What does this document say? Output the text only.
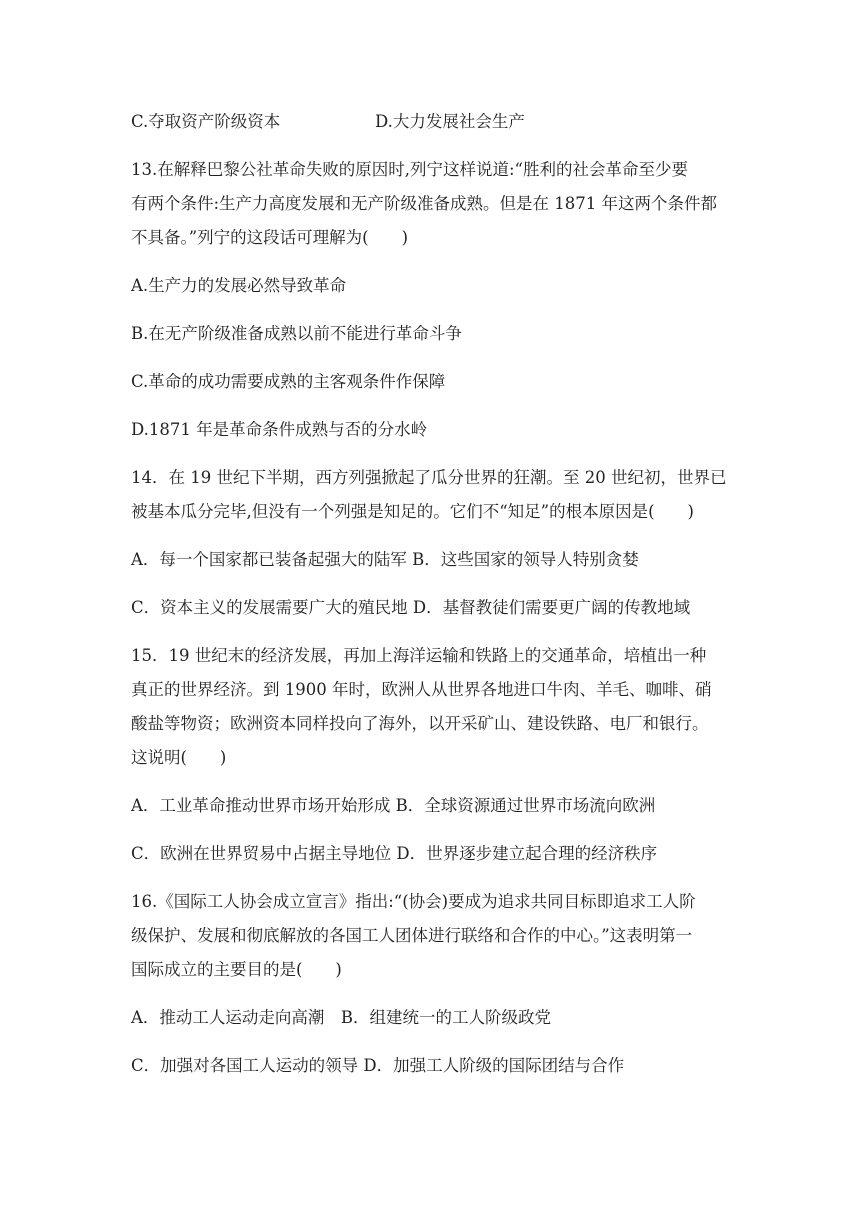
C.夺取资产阶级资本	D.大力发展社会生产
13.在解释巴黎公社革命失败的原因时,列宁这样说道:“胜利的社会革命至少要
有两个条件:生产力高度发展和无产阶级准备成熟。但是在 1871 年这两个条件都
不具备。”列宁的这段话可理解为(　　)
A.生产力的发展必然导致革命
B.在无产阶级准备成熟以前不能进行革命斗争
C.革命的成功需要成熟的主客观条件作保障
D.1871 年是革命条件成熟与否的分水岭
14．在 19 世纪下半期，西方列强掀起了瓜分世界的狂潮。至 20 世纪初，世界已
被基本瓜分完毕,但没有一个列强是知足的。它们不“知足”的根本原因是(　　)
A．每一个国家都已装备起强大的陆军 B．这些国家的领导人特别贪婪
C．资本主义的发展需要广大的殖民地 D．基督教徒们需要更广阔的传教地域
15．19 世纪末的经济发展，再加上海洋运输和铁路上的交通革命，培植出一种
真正的世界经济。到 1900 年时，欧洲人从世界各地进口牛肉、羊毛、咖啡、硝
酸盐等物资；欧洲资本同样投向了海外，以开采矿山、建设铁路、电厂和银行。
这说明(　　)
A．工业革命推动世界市场开始形成 B．全球资源通过世界市场流向欧洲
C．欧洲在世界贸易中占据主导地位 D．世界逐步建立起合理的经济秩序
16.《国际工人协会成立宣言》指出:“(协会)要成为追求共同目标即追求工人阶
级保护、发展和彻底解放的各国工人团体进行联络和合作的中心。”这表明第一
国际成立的主要目的是(　　)
A．推动工人运动走向高潮　B．组建统一的工人阶级政党
C．加强对各国工人运动的领导 D．加强工人阶级的国际团结与合作
